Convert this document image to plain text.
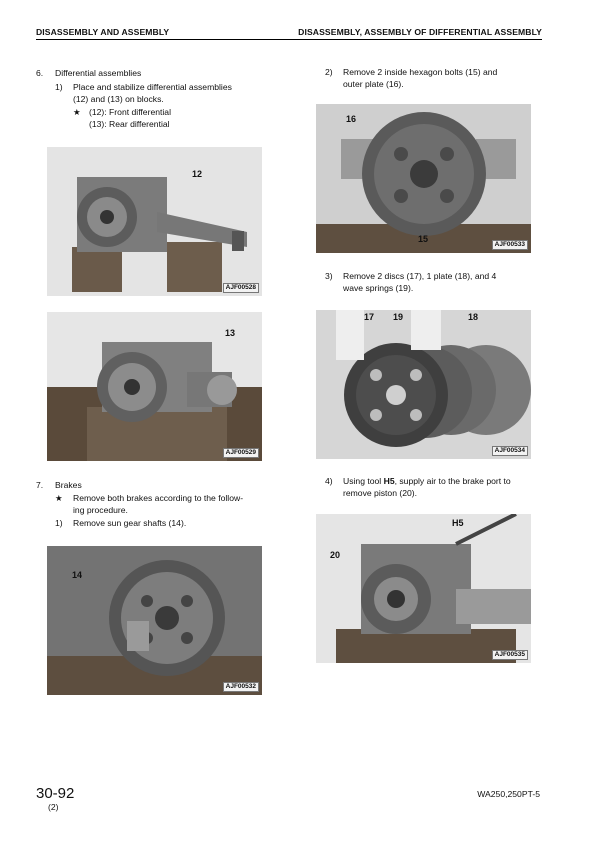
DISASSEMBLY AND ASSEMBLY	DISASSEMBLY, ASSEMBLY OF DIFFERENTIAL ASSEMBLY
6. Differential assemblies
1) Place and stabilize differential assemblies
(12) and (13) on blocks.
★ (12): Front differential
(13): Rear differential
7. Brakes
★ Remove both brakes according to the follow-
ing procedure.
1) Remove sun gear shafts (14).
2) Remove 2 inside hexagon bolts (15) and
outer plate (16).
3) Remove 2 discs (17), 1 plate (18), and 4
wave springs (19).
4) Using tool H5, supply air to the brake port to
remove piston (20).
12
AJF00528
13
AJF00529
14
AJF00532
16
15
AJF00533
17 19	18
AJF00534
H5
20
AJF00535
30-92
(2)
WA250,250PT-5
